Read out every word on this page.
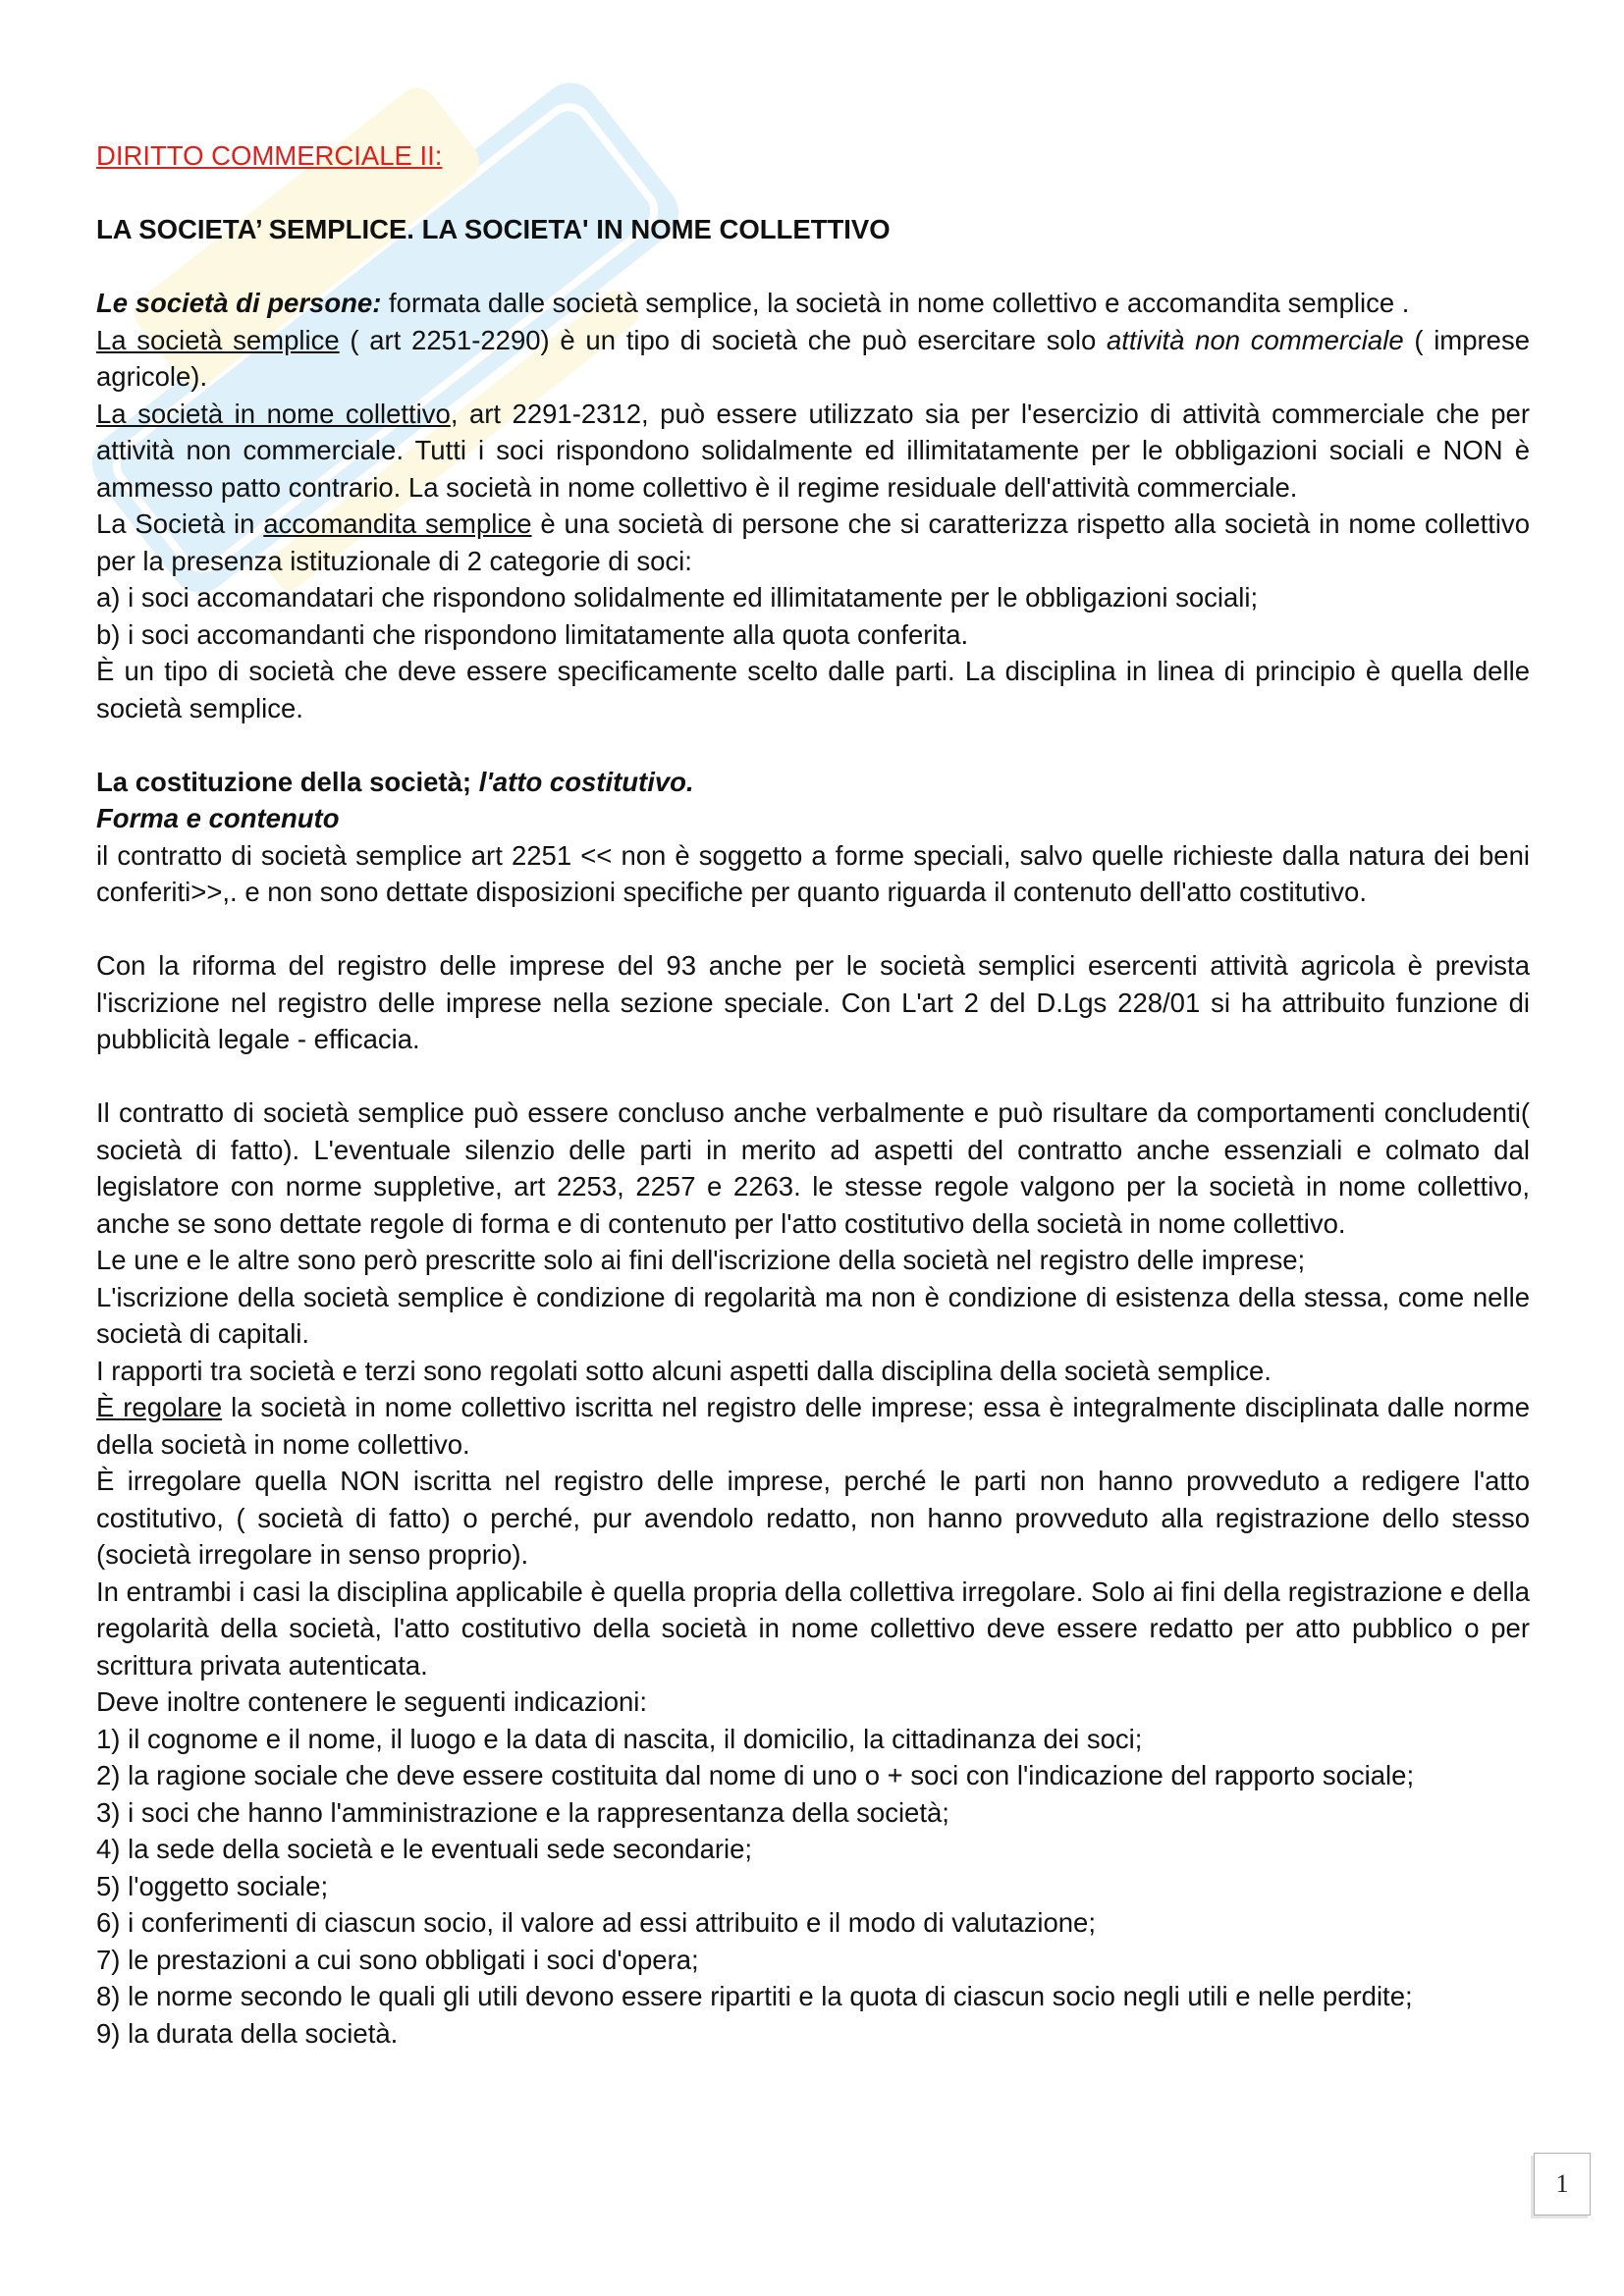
DIRITTO COMMERCIALE II:

LA SOCIETA’ SEMPLICE. LA SOCIETA' IN NOME COLLETTIVO

Le società di persone: formata dalle società semplice, la società in nome collettivo e accomandita semplice .

La società semplice ( art 2251-2290) è un tipo di società che può esercitare solo attività non commerciale ( imprese agricole).

La società in nome collettivo, art 2291-2312, può essere utilizzato sia per l'esercizio di attività commerciale che per attività non commerciale. Tutti i soci rispondono solidalmente ed illimitatamente per le obbligazioni sociali e NON è ammesso patto contrario. La società in nome collettivo è il regime residuale dell'attività commerciale.

La Società in accomandita semplice è una società di persone che si caratterizza rispetto alla società in nome collettivo per la presenza istituzionale di 2 categorie di soci:

a) i soci accomandatari che rispondono solidalmente ed illimitatamente per le obbligazioni sociali;

b) i soci accomandanti che rispondono limitatamente alla quota conferita.

È un tipo di società che deve essere specificamente scelto dalle parti. La disciplina in linea di principio è quella delle società semplice.

La costituzione della società; l'atto costitutivo.

Forma e contenuto

il contratto di società semplice art 2251 << non è soggetto a forme speciali, salvo quelle richieste dalla natura dei beni conferiti>>,. e non sono dettate disposizioni specifiche per quanto riguarda il contenuto dell'atto costitutivo.

Con la riforma del registro delle imprese del 93 anche per le società semplici esercenti attività agricola è prevista l'iscrizione nel registro delle imprese nella sezione speciale. Con L'art 2 del D.Lgs 228/01 si ha attribuito funzione di pubblicità legale - efficacia.

Il contratto di società semplice può essere concluso anche verbalmente e può risultare da comportamenti concludenti( società di fatto). L'eventuale silenzio delle parti in merito ad aspetti del contratto anche essenziali e colmato dal legislatore con norme suppletive, art 2253, 2257 e 2263. le stesse regole valgono per la società in nome collettivo, anche se sono dettate regole di forma e di contenuto per l'atto costitutivo della società in nome collettivo.

Le une e le altre sono però prescritte solo ai fini dell'iscrizione della società nel registro delle imprese;

L'iscrizione della società semplice è condizione di regolarità ma non è condizione di esistenza della stessa, come nelle società di capitali.

I rapporti tra società e terzi sono regolati sotto alcuni aspetti dalla disciplina della società semplice.

È regolare la società in nome collettivo iscritta nel registro delle imprese; essa è integralmente disciplinata dalle norme della società in nome collettivo.

È irregolare quella NON iscritta nel registro delle imprese, perché le parti non hanno provveduto a redigere l'atto costitutivo, ( società di fatto) o perché, pur avendolo redatto, non hanno provveduto alla registrazione dello stesso (società irregolare in senso proprio).

In entrambi i casi la disciplina applicabile è quella propria della collettiva irregolare. Solo ai fini della registrazione e della regolarità della società, l'atto costitutivo della società in nome collettivo deve essere redatto per atto pubblico o per scrittura privata autenticata.

Deve inoltre contenere le seguenti indicazioni:

1) il cognome e il nome, il luogo e la data di nascita, il domicilio, la cittadinanza dei soci;

2) la ragione sociale che deve essere costituita dal nome di uno o + soci con l'indicazione del rapporto sociale;

3) i soci che hanno l'amministrazione e la rappresentanza della società;

4) la sede della società e le eventuali sede secondarie;

5) l'oggetto sociale;

6) i conferimenti di ciascun socio, il valore ad essi attribuito e il modo di valutazione;

7) le prestazioni a cui sono obbligati i soci d'opera;

8) le norme secondo le quali gli utili devono essere ripartiti e la quota di ciascun socio negli utili e nelle perdite;

9) la durata della società.

1
